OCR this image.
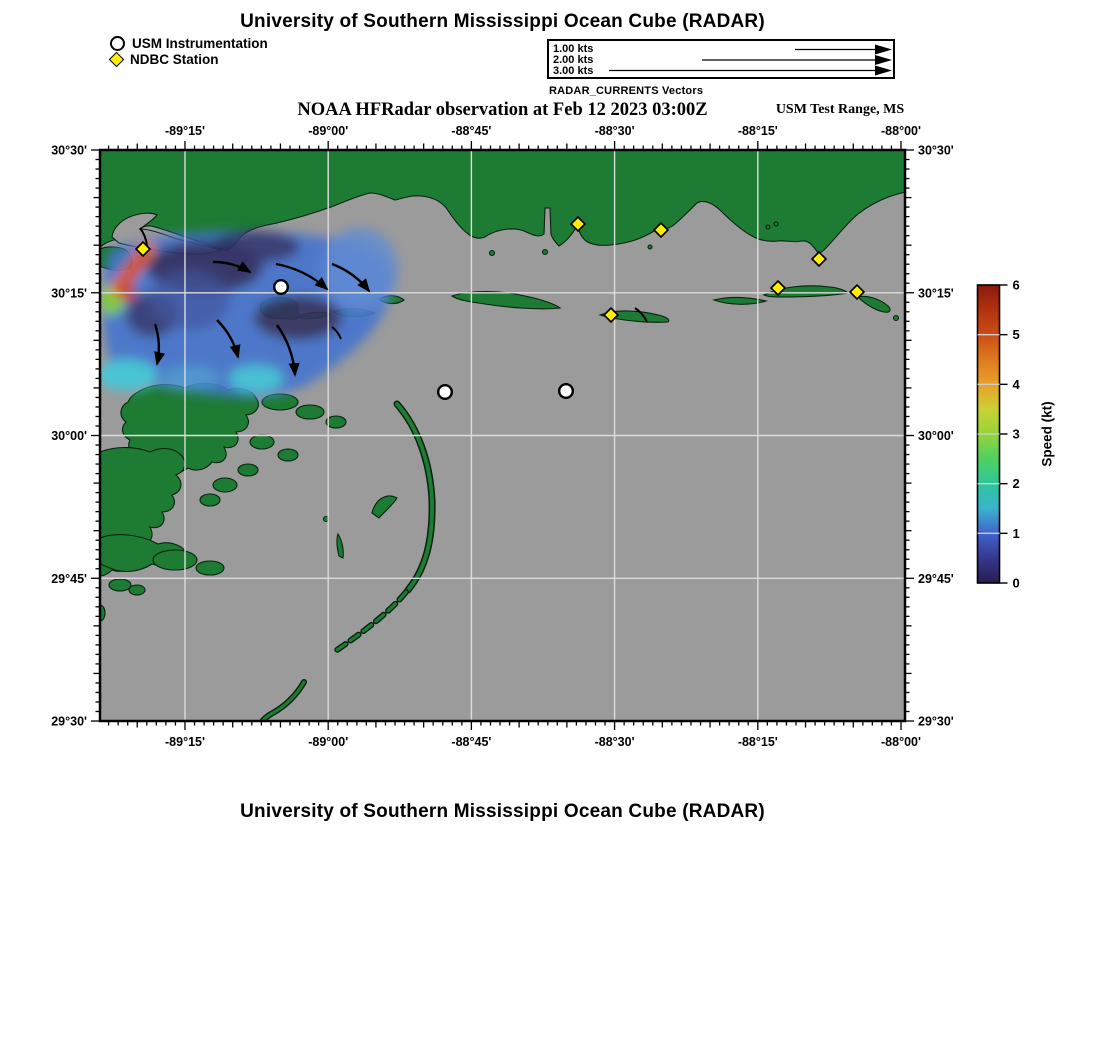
University of Southern Mississippi Ocean Cube (RADAR)
USM Instrumentation
NDBC Station
1.00 kts
2.00 kts
3.00 kts
RADAR_CURRENTS Vectors
NOAA HFRadar observation at Feb 12 2023 03:00Z	USM Test Range, MS
-89°15'
-89°15'
-89°00'
-89°00'
-88°45'
-88°45'
-88°30'
-88°30'
-88°15'
-88°15'
-88°00'
-88°00'
30°30'	30°30'
30°15'	30°15'
30°00'	30°00'
29°45'	29°45'
29°30'	29°30'
0
1
2
3
4
5
6
Speed (kt)
University of Southern Mississippi Ocean Cube (RADAR)
